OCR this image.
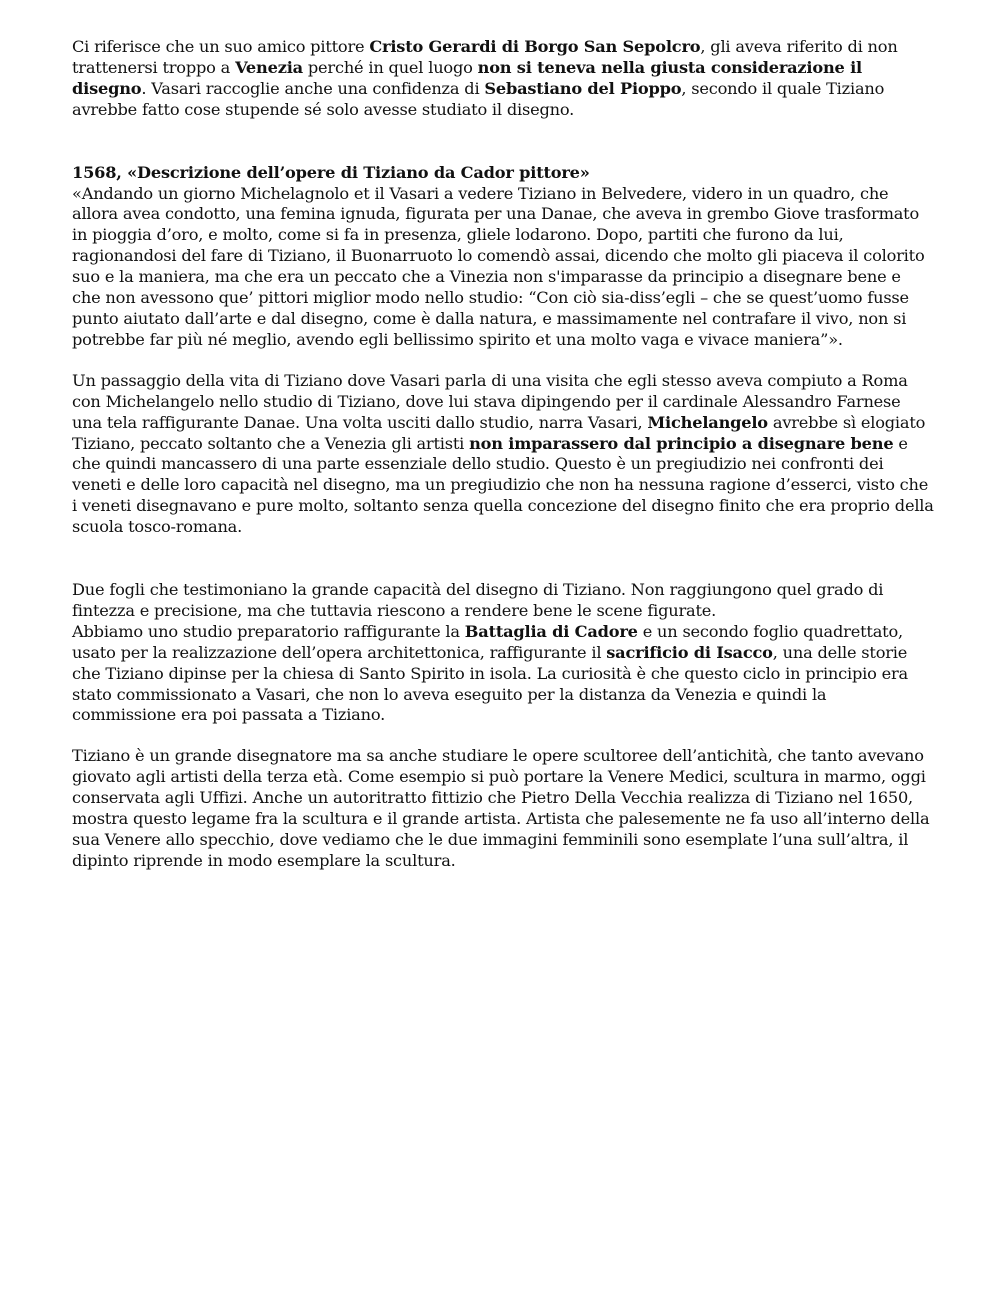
Ci riferisce che un suo amico pittore Cristo Gerardi di Borgo San Sepolcro, gli aveva riferito di non trattenersi troppo a Venezia perché in quel luogo non si teneva nella giusta considerazione il disegno. Vasari raccoglie anche una confidenza di Sebastiano del Pioppo, secondo il quale Tiziano avrebbe fatto cose stupende sé solo avesse studiato il disegno.

1568, «Descrizione dell’opere di Tiziano da Cador pittore»

«Andando un giorno Michelagnolo et il Vasari a vedere Tiziano in Belvedere, videro in un quadro, che allora avea condotto, una femina ignuda, figurata per una Danae, che aveva in grembo Giove trasformato in pioggia d’oro, e molto, come si fa in presenza, gliele lodarono. Dopo, partiti che furono da lui, ragionandosi del fare di Tiziano, il Buonarruoto lo comendò assai, dicendo che molto gli piaceva il colorito suo e la maniera, ma che era un peccato che a Vinezia non s'imparasse da principio a disegnare bene e che non avessono que’ pittori miglior modo nello studio: “Con ciò sia-diss’egli – che se quest’uomo fusse punto aiutato dall’arte e dal disegno, come è dalla natura, e massimamente nel contrafare il vivo, non si potrebbe far più né meglio, avendo egli bellissimo spirito et una molto vaga e vivace maniera”».

Un passaggio della vita di Tiziano dove Vasari parla di una visita che egli stesso aveva compiuto a Roma con Michelangelo nello studio di Tiziano, dove lui stava dipingendo per il cardinale Alessandro Farnese una tela raffigurante Danae. Una volta usciti dallo studio, narra Vasari, Michelangelo avrebbe sì elogiato Tiziano, peccato soltanto che a Venezia gli artisti non imparassero dal principio a disegnare bene e che quindi mancassero di una parte essenziale dello studio. Questo è un pregiudizio nei confronti dei veneti e delle loro capacità nel disegno, ma un pregiudizio che non ha nessuna ragione d’esserci, visto che i veneti disegnavano e pure molto, soltanto senza quella concezione del disegno finito che era proprio della scuola tosco-romana.

Due fogli che testimoniano la grande capacità del disegno di Tiziano. Non raggiungono quel grado di fintezza e precisione, ma che tuttavia riescono a rendere bene le scene figurate.

Abbiamo uno studio preparatorio raffigurante la Battaglia di Cadore e un secondo foglio quadrettato, usato per la realizzazione dell’opera architettonica, raffigurante il sacrificio di Isacco, una delle storie che Tiziano dipinse per la chiesa di Santo Spirito in isola. La curiosità è che questo ciclo in principio era stato commissionato a Vasari, che non lo aveva eseguito per la distanza da Venezia e quindi la commissione era poi passata a Tiziano.

Tiziano è un grande disegnatore ma sa anche studiare le opere scultoree dell’antichità, che tanto avevano giovato agli artisti della terza età. Come esempio si può portare la Venere Medici, scultura in marmo, oggi conservata agli Uffizi. Anche un autoritratto fittizio che Pietro Della Vecchia realizza di Tiziano nel 1650, mostra questo legame fra la scultura e il grande artista. Artista che palesemente ne fa uso all’interno della sua Venere allo specchio, dove vediamo che le due immagini femminili sono esemplate l’una sull’altra, il dipinto riprende in modo esemplare la scultura.
